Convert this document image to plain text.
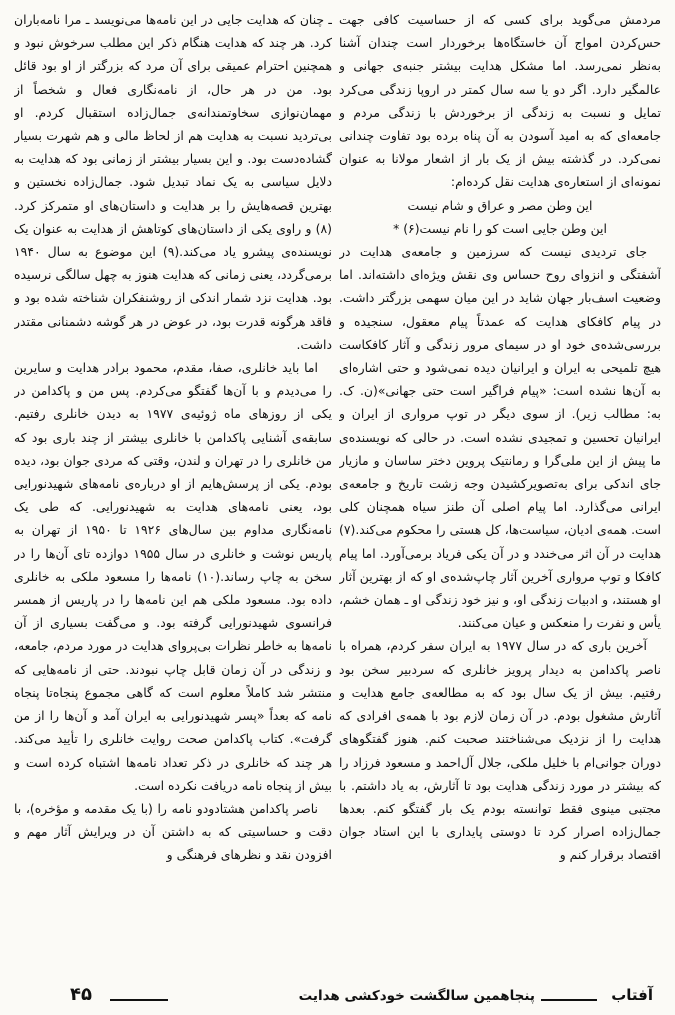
مردمش می‌گوید برای کسی که از حساسیت کافی جهت حس‌کردن امواج آن خاستگاه‌ها برخوردار است چندان آشنا به‌نظر نمی‌رسد. اما مشکل هدایت بیشتر جنبه‌ی جهانی و عالمگیر دارد. اگر دو یا سه سال کمتر در اروپا زندگی می‌کرد تمایل و نسبت به زندگی از برخوردش با زندگی مردم و جامعه‌ای که به امید آسودن به آن پناه برده بود تفاوت چندانی نمی‌کرد. در گذشته بیش از یک بار از اشعار مولانا به عنوان نمونه‌ای از استعاره‌ی هدایت نقل کرده‌ام:

این وطن مصر و عراق و شام نیست

این وطن جایی است کو را نام نیست(۶) *

جای تردیدی نیست که سرزمین و جامعه‌ی هدایت در آشفتگی و انزوای روح حساس وی نقش ویژه‌ای داشته‌اند. اما وضعیت اسف‌بار جهان شاید در این میان سهمی بزرگتر داشت. در پیام کافکای هدایت که عمدتاً پیام معقول، سنجیده و بررسی‌شده‌ی خود او در سیمای مرور زندگی و آثار کافکاست هیچ تلمیحی به ایران و ایرانیان دیده نمی‌شود و حتی اشاره‌ای به آن‌ها نشده است: «پیام فراگیر است حتی جهانی»(ن. ک. به: مطالب زیر). از سوی دیگر در توپ مرواری از ایران و ایرانیان تحسین و تمجیدی نشده است. در حالی که نویسنده‌ی ما پیش از این ملی‌گرا و رمانتیک پروین دختر ساسان و مازیار جای اندکی برای به‌تصویرکشیدن وجه زشت تاریخ و جامعه‌ی ایرانی می‌گذارد. اما پیام اصلی آن طنز سیاه همچنان کلی است. همه‌ی ادیان، سیاست‌ها، کل هستی را محکوم می‌کند.(۷) هدایت در آن اثر می‌خندد و در آن یکی فریاد برمی‌آورد. اما پیام کافکا و توپ مرواری آخرین آثار چاپ‌شده‌ی او که از بهترین آثار او هستند، و ادبیات زندگی او، و نیز خود زندگی او ـ همان خشم، یأس و نفرت را منعکس و عیان می‌کنند.

آخرین باری که در سال ۱۹۷۷ به ایران سفر کردم، همراه با ناصر پاکدامن به دیدار پرویز خانلری که سردبیر سخن بود رفتیم. بیش از یک سال بود که به مطالعه‌ی جامع هدایت و آثارش مشغول بودم. در آن زمان لازم بود با همه‌ی افرادی که هدایت را از نزدیک می‌شناختند صحبت کنم. هنوز گفتگوهای دوران جوانی‌ام با خلیل ملکی، جلال آل‌احمد و مسعود فرزاد را که بیشتر در مورد زندگی هدایت بود تا آثارش، به یاد داشتم. با مجتبی مینوی فقط توانسته بودم یک بار گفتگو کنم. بعدها جمال‌زاده اصرار کرد تا دوستی پایداری با این استاد جوان اقتصاد برقرار کنم و

ـ چنان که هدایت جایی در این نامه‌ها می‌نویسد ـ مرا نامه‌باران کرد. هر چند که هدایت هنگام ذکر این مطلب سرخوش نبود و همچنین احترام عمیقی برای آن مرد که بزرگتر از او بود قائل بود. من در هر حال، از نامه‌نگاری فعال و شخصاً از مهمان‌نوازی سخاوتمندانه‌ی جمال‌زاده استقبال کردم. او بی‌تردید نسبت به هدایت هم از لحاظ مالی و هم شهرت بسیار گشاده‌دست بود. و این بسیار بیشتر از زمانی بود که هدایت به دلایل سیاسی به یک نماد تبدیل شود. جمال‌زاده نخستین و بهترین قصه‌هایش را بر هدایت و داستان‌های او متمرکز کرد.(۸) و راوی یکی از داستان‌های کوتاهش از هدایت به عنوان یک نویسنده‌ی پیشرو یاد می‌کند.(۹) این موضوع به سال ۱۹۴۰ برمی‌گردد، یعنی زمانی که هدایت هنوز به چهل سالگی نرسیده بود. هدایت نزد شمار اندکی از روشنفکران شناخته شده بود و فاقد هرگونه قدرت بود، در عوض در هر گوشه دشمنانی مقتدر داشت.

اما باید خانلری، صفا، مقدم، محمود برادر هدایت و سایرین را می‌دیدم و با آن‌ها گفتگو می‌کردم. پس من و پاکدامن در یکی از روزهای ماه ژوئیه‌ی ۱۹۷۷ به دیدن خانلری رفتیم. سابقه‌ی آشنایی پاکدامن با خانلری بیشتر از چند باری بود که من خانلری را در تهران و لندن، وقتی که مردی جوان بود، دیده بودم. یکی از پرسش‌هایم از او درباره‌ی نامه‌های شهیدنورایی بود، یعنی نامه‌های هدایت به شهیدنورایی. که طی یک نامه‌نگاری مداوم بین سال‌های ۱۹۲۶ تا ۱۹۵۰ از تهران به پاریس نوشت و خانلری در سال ۱۹۵۵ دوازده تای آن‌ها را در سخن به چاپ رساند.(۱۰) نامه‌ها را مسعود ملکی به خانلری داده بود. مسعود ملکی هم این نامه‌ها را در پاریس از همسر فرانسوی شهیدنورایی گرفته بود. و می‌گفت بسیاری از آن نامه‌ها به خاطر نظرات بی‌پروای هدایت در مورد مردم، جامعه، و زندگی در آن زمان قابل چاپ نبودند. حتی از نامه‌هایی که منتشر شد کاملاً معلوم است که گاهی مجموع پنجاه‌تا پنجاه نامه که بعداً «پسر شهیدنورایی به ایران آمد و آن‌ها را از من گرفت». کتاب پاکدامن صحت روایت خانلری را تأیید می‌کند. هر چند که خانلری در ذکر تعداد نامه‌ها اشتباه کرده است و بیش از پنجاه نامه دریافت نکرده است.

ناصر پاکدامن هشتاد‌ودو نامه را (با یک مقدمه و مؤخره)، با دقت و حساسیتی که به داشتن آن در ویرایش آثار مهم و افزودن نقد و نظرهای فرهنگی و

آفتاب
پنجاهمین سالگشت خودکشی هدایت
۴۵
